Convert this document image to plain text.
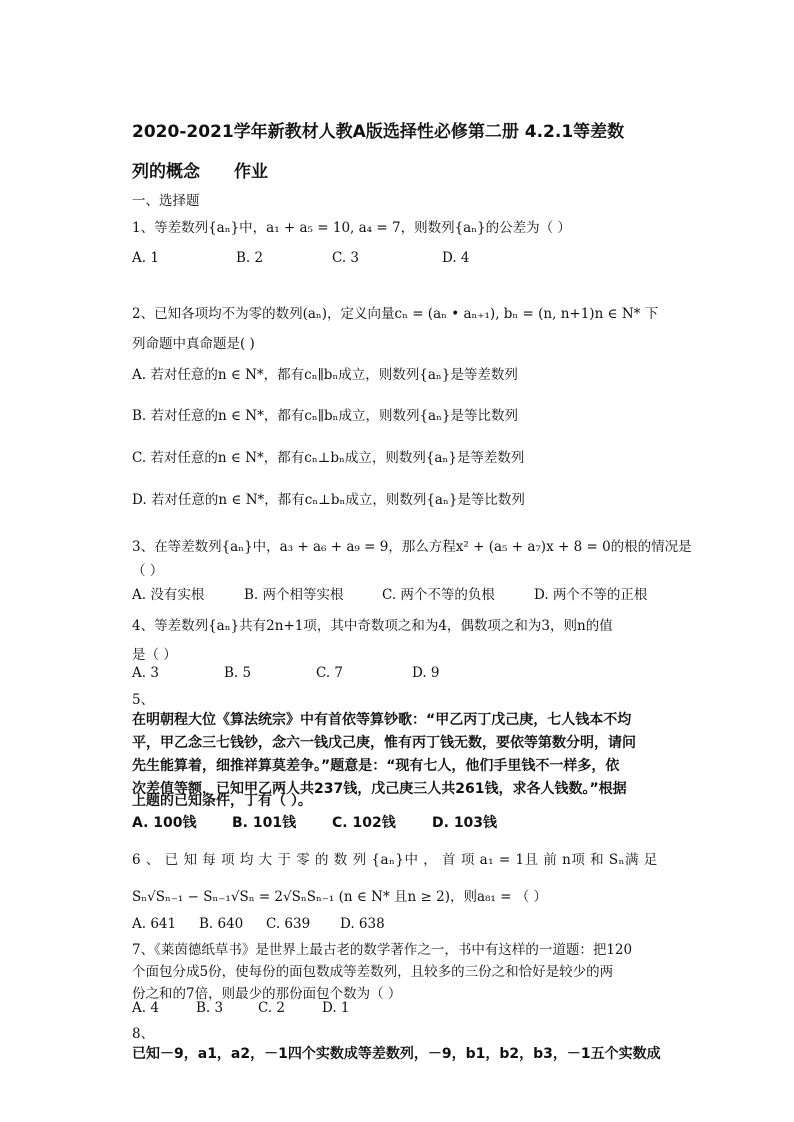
2020-2021学年新教材人教A版选择性必修第二册 4.2.1等差数
列的概念 作业
一、选择题
1、等差数列{aₙ}中，a₁ + a₅ = 10, a₄ = 7，则数列{aₙ}的公差为（ ）
A. 1	B. 2	C. 3	D. 4
2、已知各项均不为零的数列(aₙ)，定义向量cₙ = (aₙ • aₙ₊₁), bₙ = (n, n+1)n ∈ N* 下
列命题中真命题是( )
A. 若对任意的n ∈ N*，都有cₙ∥bₙ成立，则数列{aₙ}是等差数列
B. 若对任意的n ∈ N*，都有cₙ∥bₙ成立，则数列{aₙ}是等比数列
C. 若对任意的n ∈ N*，都有cₙ⊥bₙ成立，则数列{aₙ}是等差数列
D. 若对任意的n ∈ N*，都有cₙ⊥bₙ成立，则数列{aₙ}是等比数列
3、在等差数列{aₙ}中，a₃ + a₆ + a₉ = 9，那么方程x² + (a₅ + a₇)x + 8 = 0的根的情况是
（ ）
A. 没有实根	B. 两个相等实根	C. 两个不等的负根	D. 两个不等的正根
4、等差数列{aₙ}共有2n+1项，其中奇数项之和为4，偶数项之和为3，则n的值
是（ ）
A. 3	B. 5	C. 7	D. 9
5、
在明朝程大位《算法统宗》中有首依等算钞歌：“甲乙丙丁戊己庚，七人钱本不均
平，甲乙念三七钱钞，念六一钱戊己庚，惟有丙丁钱无数，要依等第数分明，请问
先生能算着，细推祥算莫差争。”题意是：“现有七人，他们手里钱不一样多，依
次差值等额，已知甲乙两人共237钱，戊己庚三人共261钱，求各人钱数。”根据
上题的已知条件，丁有（ ）。
A. 100钱	B. 101钱	C. 102钱	D. 103钱
6 、 已 知 每 项 均 大 于 零 的 数 列 {aₙ}中 ， 首 项 a₁ = 1且 前 n项 和 Sₙ满 足
Sₙ√Sₙ₋₁ − Sₙ₋₁√Sₙ = 2√SₙSₙ₋₁ (n ∈ N* 且n ≥ 2)，则a₈₁ = （ ）
A. 641 B. 640 C. 639 D. 638
7、《莱茵德纸草书》是世界上最古老的数学著作之一，书中有这样的一道题：把120
个面包分成5份，使每份的面包数成等差数列，且较多的三份之和恰好是较少的两
份之和的7倍，则最少的那份面包个数为（ ）
A. 4	B. 3	C. 2	D. 1
8、
已知－9，a1，a2，－1四个实数成等差数列，－9，b1，b2，b3，－1五个实数成
